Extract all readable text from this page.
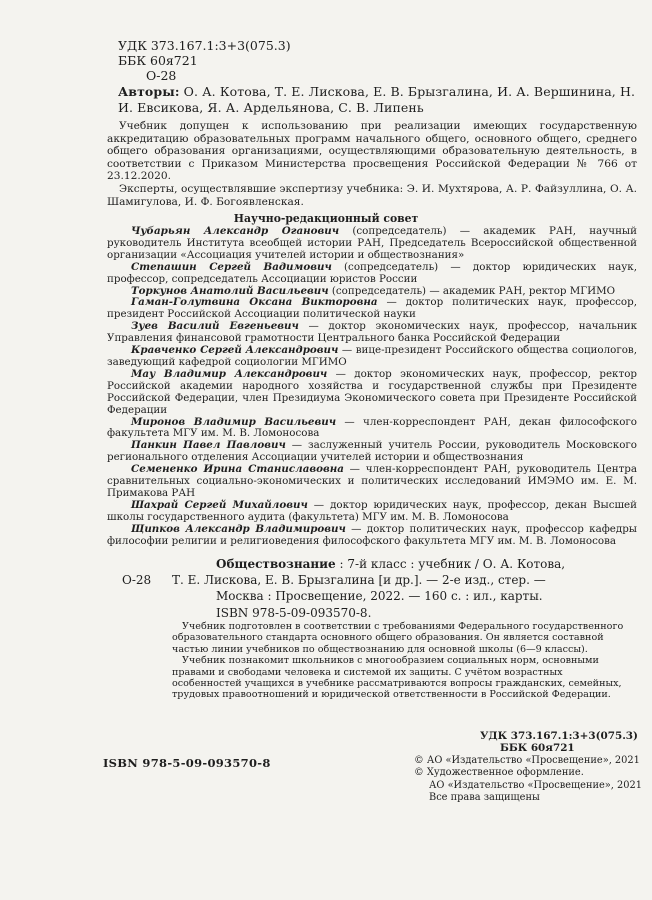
УДК 373.167.1:3+3(075.3)
ББК 60я721
О-28
Авторы: О. А. Котова, Т. Е. Лискова, Е. В. Брызгалина, И. А. Вершинина, Н. И. Евсикова, Я. А. Ардельянова, С. В. Липень

Учебник допущен к использованию при реализации имеющих государственную аккредитацию образовательных программ начального общего, основного общего, среднего общего образования организациями, осуществляющими образовательную деятельность, в соответствии с Приказом Министерства просвещения Российской Федерации № 766 от 23.12.2020.

Эксперты, осуществлявшие экспертизу учебника: Э. И. Мухтярова, А. Р. Файзуллина, О. А. Шамигулова, И. Ф. Богоявленская.

Научно-редакционный совет
Чубарьян Александр Оганович (сопредседатель) — академик РАН, научный руководитель Института всеобщей истории РАН, Председатель Всероссийской общественной организации «Ассоциация учителей истории и обществознания»
Степашин Сергей Вадимович (сопредседатель) — доктор юридических наук, профессор, сопредседатель Ассоциации юристов России
Торкунов Анатолий Васильевич (сопредседатель) — академик РАН, ректор МГИМО
Гаман-Голутвина Оксана Викторовна — доктор политических наук, профессор, президент Российской Ассоциации политической науки
Зуев Василий Евгеньевич — доктор экономических наук, профессор, начальник Управления финансовой грамотности Центрального банка Российской Федерации
Кравченко Сергей Александрович — вице-президент Российского общества социологов, заведующий кафедрой социологии МГИМО
Мау Владимир Александрович — доктор экономических наук, профессор, ректор Российской академии народного хозяйства и государственной службы при Президенте Российской Федерации, член Президиума Экономического совета при Президенте Российской Федерации
Миронов Владимир Васильевич — член-корреспондент РАН, декан философского факультета МГУ им. М. В. Ломоносова
Панкин Павел Павлович — заслуженный учитель России, руководитель Московского регионального отделения Ассоциации учителей истории и обществознания
Семененко Ирина Станиславовна — член-корреспондент РАН, руководитель Центра сравнительных социально-экономических и политических исследований ИМЭМО им. Е. М. Примакова РАН
Шахрай Сергей Михайлович — доктор юридических наук, профессор, декан Высшей школы государственного аудита (факультета) МГУ им. М. В. Ломоносова
Щипков Александр Владимирович — доктор политических наук, профессор кафедры философии религии и религиоведения философского факультета МГУ им. М. В. Ломоносова
Обществознание : 7-й класс : учебник / О. А. Котова,
О-28 Т. Е. Лискова, Е. В. Брызгалина [и др.]. — 2-е изд., стер. —
Москва : Просвещение, 2022. — 160 с. : ил., карты.
ISBN 978-5-09-093570-8.

Учебник подготовлен в соответствии с требованиями Федерального государственного образовательного стандарта основного общего образования. Он является составной частью линии учебников по обществознанию для основной школы (6—9 классы).

Учебник познакомит школьников с многообразием социальных норм, основными правами и свободами человека и системой их защиты. С учётом возрастных особенностей учащихся в учебнике рассматриваются вопросы гражданских, семейных, трудовых правоотношений и юридической ответственности в Российской Федерации.

УДК 373.167.1:3+3(075.3)
ББК 60я721
ISBN 978-5-09-093570-8	© АО «Издательство «Просвещение», 2021
© Художественное оформление.
АО «Издательство «Просвещение», 2021
Все права защищены
